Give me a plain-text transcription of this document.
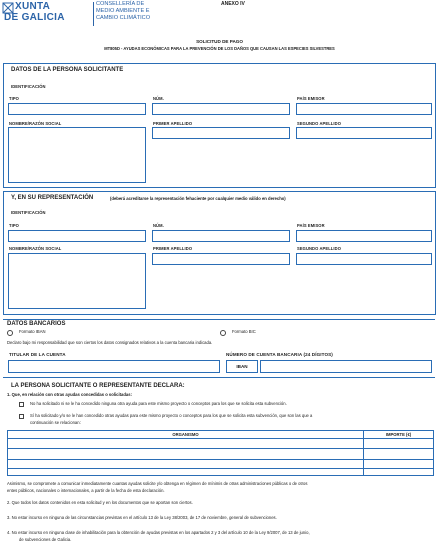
XUNTA
DE GALICIA
CONSELLERÍA DE
MEDIO AMBIENTE E
CAMBIO CLIMÁTICO
ANEXO IV
SOLICITUD DE PAGO
MT805D - AYUDAS ECONÓMICAS PARA LA PREVENCIÓN DE LOS DAÑOS QUE CAUSAN LAS ESPECIES SILVESTRES
DATOS DE LA PERSONA SOLICITANTE
IDENTIFICACIÓN
TIPO	NÚM.	PAÍS EMISOR
NOMBRE/RAZÓN SOCIAL	PRIMER APELLIDO	SEGUNDO APELLIDO
Y, EN SU REPRESENTACIÓN	(deberá acreditarse la representación fehaciente por cualquier medio válido en derecho)
IDENTIFICACIÓN
TIPO	NÚM.	PAÍS EMISOR
NOMBRE/RAZÓN SOCIAL	PRIMER APELLIDO	SEGUNDO APELLIDO
DATOS BANCARIOS
Formato IBAN	Formato BIC
Declaro bajo mi responsabilidad que son ciertos los datos consignados relativos a la cuenta bancaria indicada.
TITULAR DE LA CUENTA	NÚMERO DE CUENTA BANCARIA (24 DÍGITOS)
IBAN
LA PERSONA SOLICITANTE O REPRESENTANTE DECLARA:
1. Que, en relación con otras ayudas concedidas o solicitadas:
No ha solicitado ni se le ha concedido ninguna otra ayuda para este mismo proyecto o conceptos para los que se solicita esta subvención.
Sí ha solicitado y/o se le han concedido otras ayudas para este mismo proyecto o conceptos para los que se solicita esta subvención, que son las que a
continuación se relacionan:
ORGANISMO	IMPORTE (€)
Asimismo, se compromete a comunicar inmediatamente cuantas ayudas solicite y/o obtenga en régimen de mínimis de otras administraciones públicas o de otros
entes públicos, nacionales o internacionales, a partir de la fecha de esta declaración.
2. Que todos los datos contenidos en esta solicitud y en los documentos que se aportan son ciertos.
3. No estar incurso en ninguna de las circunstancias previstas en el artículo 13 de la Ley 38/2003, de 17 de noviembre, general de subvenciones.
4. No estar incurso en ninguna clase de inhabilitación para la obtención de ayudas previstas en los apartados 2 y 3 del artículo 10 de la Ley 9/2007, de 13 de junio,
de subvenciones de Galicia.
